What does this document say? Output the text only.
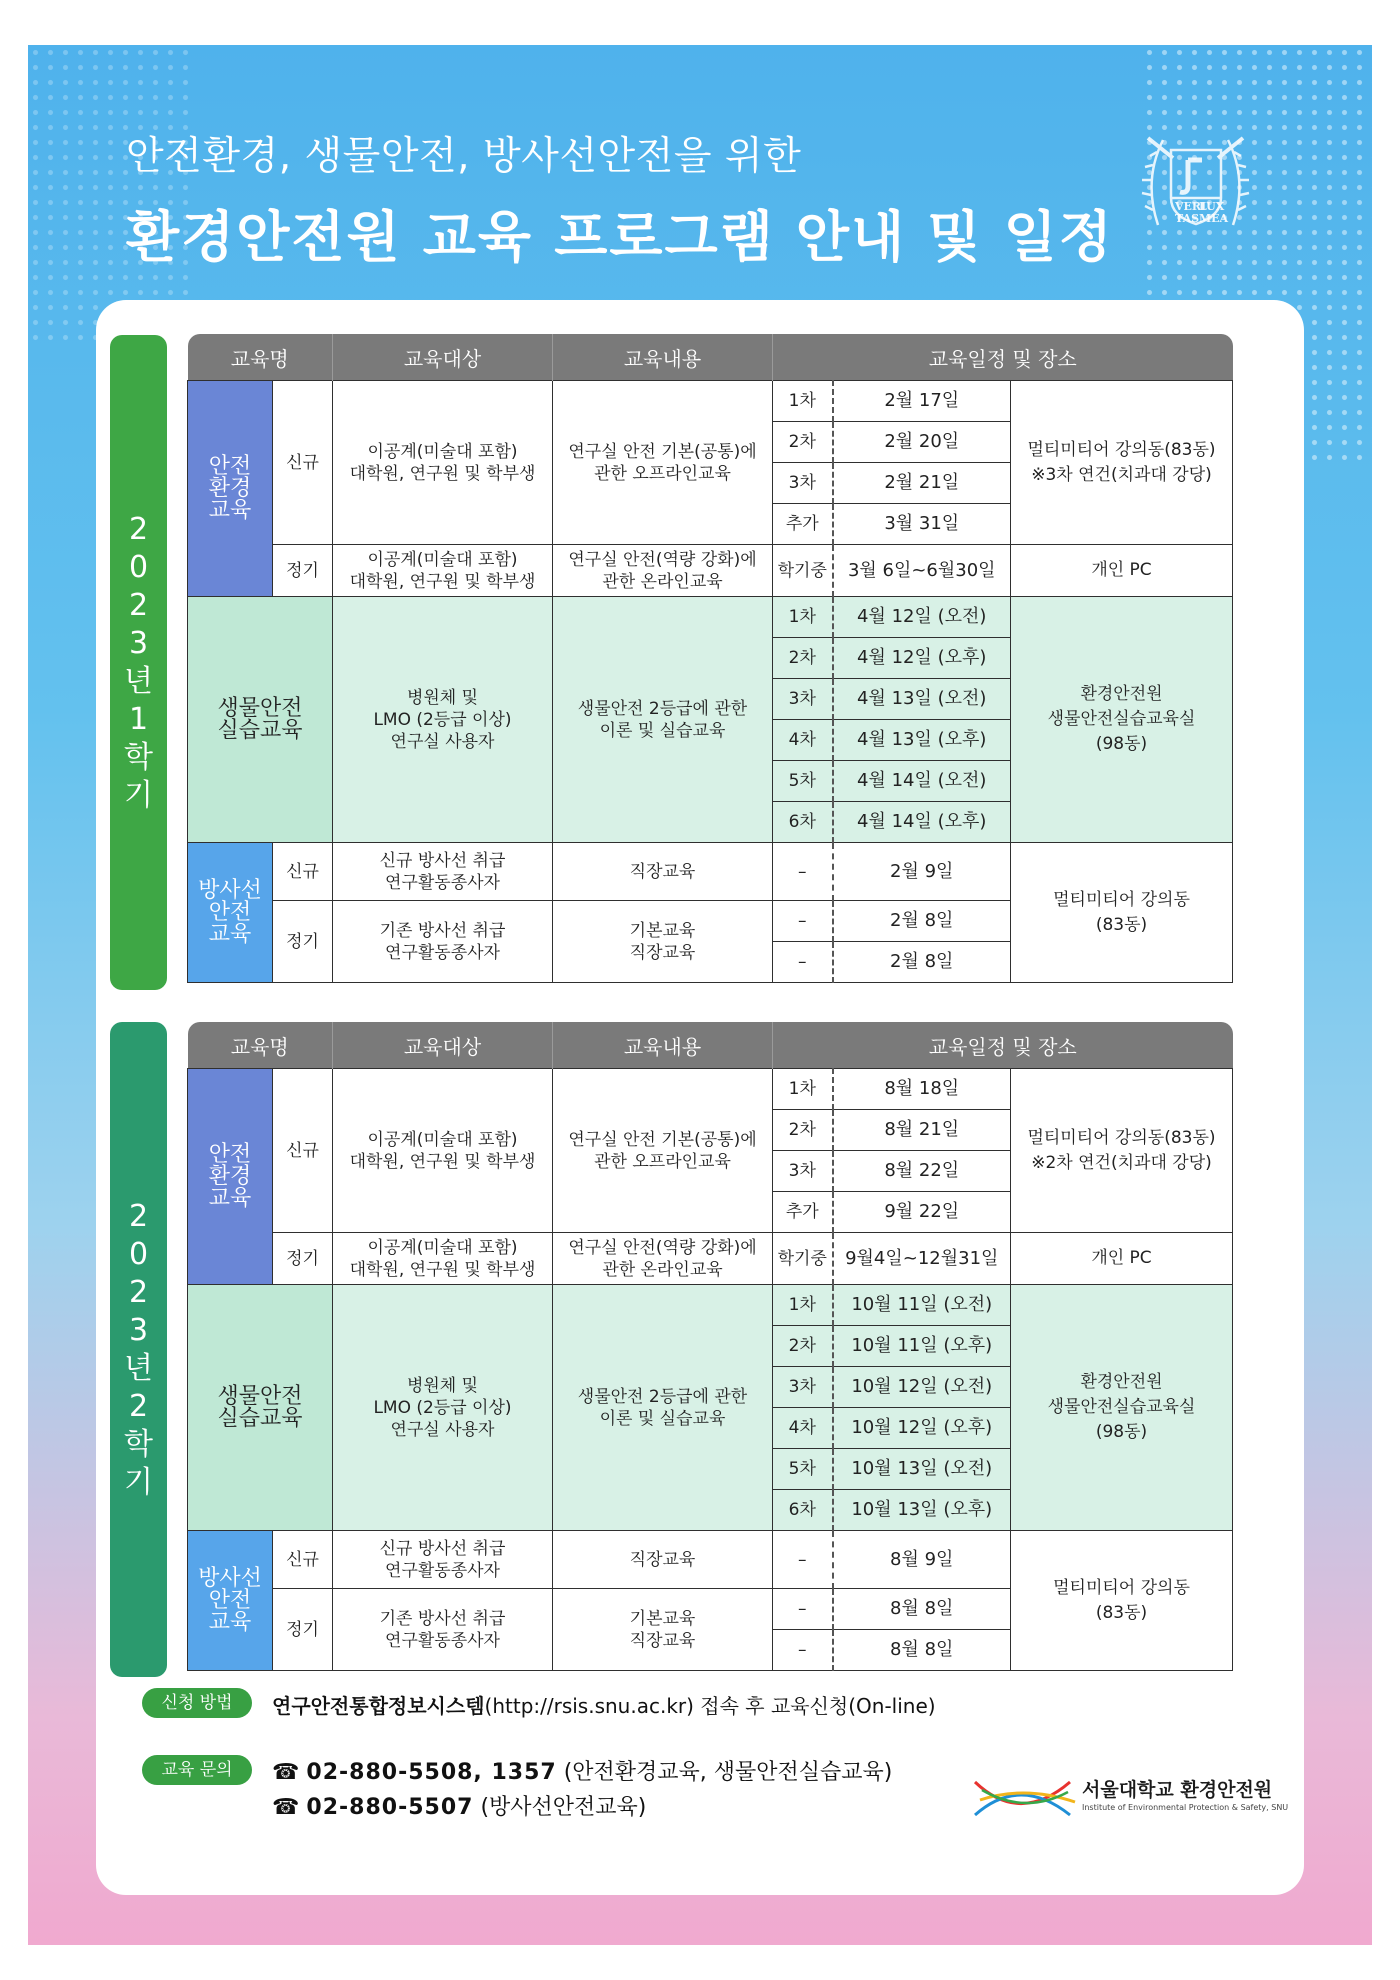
안전환경, 생물안전, 방사선안전을 위한
환경안전원 교육 프로그램 안내 및 일정	VERI
LUX
TAS MEA
2023년 1학기
2023년 2학기
교육명		교육대상	교육내용	교육일정 및 장소		
안전
환경
교육	신규	이공계(미술대 포함)
대학원, 연구원 및 학부생	연구실 안전 기본(공통)에
관한 오프라인교육	1차	2월 17일	멀티미티어 강의동(83동)
※3차 연건(치과대 강당)
				2차	2월 20일	
				3차	2월 21일	
				추가	3월 31일	
	정기	이공계(미술대 포함)
대학원, 연구원 및 학부생	연구실 안전(역량 강화)에
관한 온라인교육	학기중	3월 6일~6월30일	개인 PC
생물안전
실습교육		병원체 및
LMO (2등급 이상)
연구실 사용자	생물안전 2등급에 관한
이론 및 실습교육	1차	4월 12일 (오전)	환경안전원
생물안전실습교육실
(98동)
				2차	4월 12일 (오후)	
				3차	4월 13일 (오전)	
				4차	4월 13일 (오후)	
				5차	4월 14일 (오전)	
				6차	4월 14일 (오후)	
방사선
안전
교육	신규	신규 방사선 취급
연구활동종사자	직장교육	–	2월 9일	멀티미티어 강의동
(83동)
	정기	기존 방사선 취급
연구활동종사자	기본교육
직장교육	–	2월 8일	
				–	2월 8일	
교육명		교육대상	교육내용	교육일정 및 장소		
안전
환경
교육	신규	이공계(미술대 포함)
대학원, 연구원 및 학부생	연구실 안전 기본(공통)에
관한 오프라인교육	1차	8월 18일	멀티미티어 강의동(83동)
※2차 연건(치과대 강당)
				2차	8월 21일	
				3차	8월 22일	
				추가	9월 22일	
	정기	이공계(미술대 포함)
대학원, 연구원 및 학부생	연구실 안전(역량 강화)에
관한 온라인교육	학기중	9월4일~12월31일	개인 PC
생물안전
실습교육		병원체 및
LMO (2등급 이상)
연구실 사용자	생물안전 2등급에 관한
이론 및 실습교육	1차	10월 11일 (오전)	환경안전원
생물안전실습교육실
(98동)
				2차	10월 11일 (오후)	
				3차	10월 12일 (오전)	
				4차	10월 12일 (오후)	
				5차	10월 13일 (오전)	
				6차	10월 13일 (오후)	
방사선
안전
교육	신규	신규 방사선 취급
연구활동종사자	직장교육	–	8월 9일	멀티미티어 강의동
(83동)
	정기	기존 방사선 취급
연구활동종사자	기본교육
직장교육	–	8월 8일	
				–	8월 8일	
신청 방법	연구안전통합정보시스템(http://rsis.snu.ac.kr) 접속 후 교육신청(On-line)
교육 문의	☎ 02-880-5508, 1357 (안전환경교육, 생물안전실습교육)
☎ 02-880-5507 (방사선안전교육)
서울대학교 환경안전원
Institute of Environmental Protection & Safety, SNU
